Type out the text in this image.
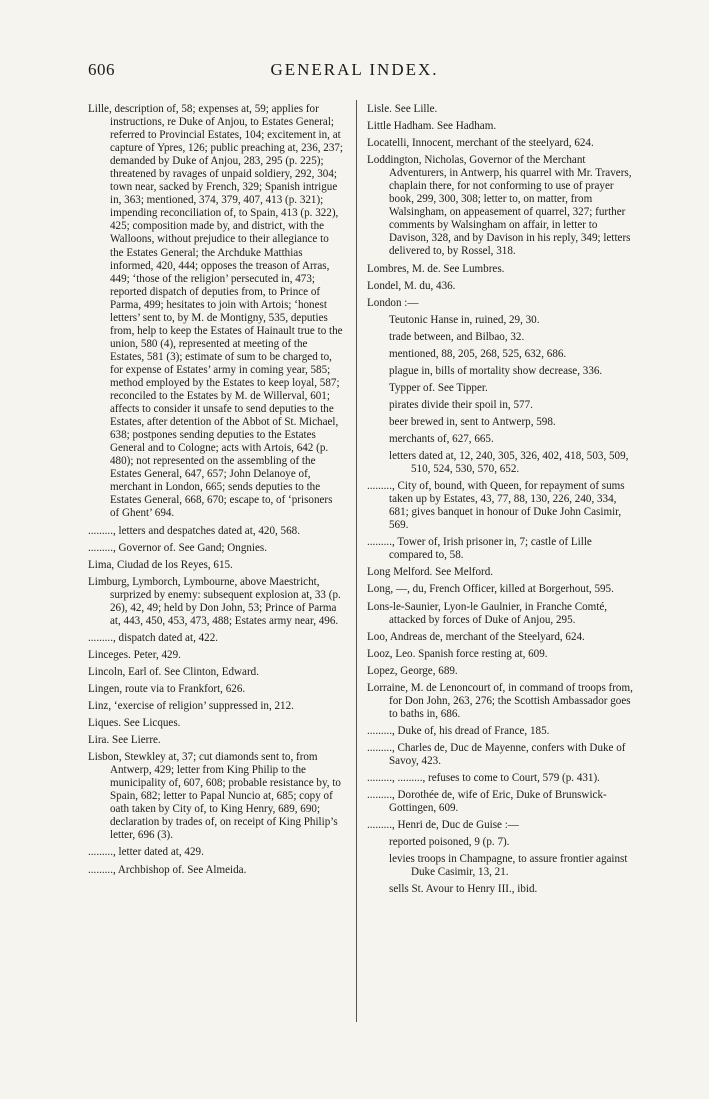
606	GENERAL INDEX.
Lille, description of, 58; expenses at, 59; applies for instructions, re Duke of Anjou, to Estates General; referred to Provincial Estates, 104; excitement in, at capture of Ypres, 126; public preaching at, 236, 237; demanded by Duke of Anjou, 283, 295 (p. 225); threatened by ravages of unpaid soldiery, 292, 304; town near, sacked by French, 329; Spanish intrigue in, 363; mentioned, 374, 379, 407, 413 (p. 321); impending reconciliation of, to Spain, 413 (p. 322), 425; composition made by, and district, with the Walloons, without prejudice to their allegiance to the Estates General; the Archduke Matthias informed, 420, 444; opposes the treason of Arras, 449; ‘those of the religion’ persecuted in, 473; reported dispatch of deputies from, to Prince of Parma, 499; hesitates to join with Artois; ‘honest letters’ sent to, by M. de Montigny, 535, deputies from, help to keep the Estates of Hainault true to the union, 580 (4), represented at meeting of the Estates, 581 (3); estimate of sum to be charged to, for expense of Estates’ army in coming year, 585; method employed by the Estates to keep loyal, 587; reconciled to the Estates by M. de Willerval, 601; affects to consider it unsafe to send deputies to the Estates, after detention of the Abbot of St. Michael, 638; postpones sending deputies to the Estates General and to Cologne; acts with Artois, 642 (p. 480); not represented on the assembling of the Estates General, 647, 657; John Delanoye of, merchant in London, 665; sends deputies to the Estates General, 668, 670; escape to, of ‘prisoners of Ghent’ 694.
........., letters and despatches dated at, 420, 568.
........., Governor of. See Gand; Ongnies.
Lima, Ciudad de los Reyes, 615.
Limburg, Lymborch, Lymbourne, above Maestricht, surprized by enemy: subsequent explosion at, 33 (p. 26), 42, 49; held by Don John, 53; Prince of Parma at, 443, 450, 453, 473, 488; Estates army near, 496.
........., dispatch dated at, 422.
Linceges. Peter, 429.
Lincoln, Earl of. See Clinton, Edward.
Lingen, route via to Frankfort, 626.
Linz, ‘exercise of religion’ suppressed in, 212.
Liques. See Licques.
Lira. See Lierre.
Lisbon, Stewkley at, 37; cut diamonds sent to, from Antwerp, 429; letter from King Philip to the municipality of, 607, 608; probable resistance by, to Spain, 682; letter to Papal Nuncio at, 685; copy of oath taken by City of, to King Henry, 689, 690; declaration by trades of, on receipt of King Philip’s letter, 696 (3).
........., letter dated at, 429.
........., Archbishop of. See Almeida.
Lisle. See Lille.
Little Hadham. See Hadham.
Locatelli, Innocent, merchant of the steelyard, 624.
Loddington, Nicholas, Governor of the Merchant Adventurers, in Antwerp, his quarrel with Mr. Travers, chaplain there, for not conforming to use of prayer book, 299, 300, 308; letter to, on matter, from Walsingham, on appeasement of quarrel, 327; further comments by Walsingham on affair, in letter to Davison, 328, and by Davison in his reply, 349; letters delivered to, by Rossel, 318.
Lombres, M. de. See Lumbres.
Londel, M. du, 436.
London :—
Teutonic Hanse in, ruined, 29, 30.
trade between, and Bilbao, 32.
mentioned, 88, 205, 268, 525, 632, 686.
plague in, bills of mortality show decrease, 336.
Typper of. See Tipper.
pirates divide their spoil in, 577.
beer brewed in, sent to Antwerp, 598.
merchants of, 627, 665.
letters dated at, 12, 240, 305, 326, 402, 418, 503, 509, 510, 524, 530, 570, 652.
........., City of, bound, with Queen, for repayment of sums taken up by Estates, 43, 77, 88, 130, 226, 240, 334, 681; gives banquet in honour of Duke John Casimir, 569.
........., Tower of, Irish prisoner in, 7; castle of Lille compared to, 58.
Long Melford. See Melford.
Long, —, du, French Officer, killed at Borgerhout, 595.
Lons-le-Saunier, Lyon-le Gaulnier, in Franche Comté, attacked by forces of Duke of Anjou, 295.
Loo, Andreas de, merchant of the Steelyard, 624.
Looz, Leo. Spanish force resting at, 609.
Lopez, George, 689.
Lorraine, M. de Lenoncourt of, in command of troops from, for Don John, 263, 276; the Scottish Ambassador goes to baths in, 686.
........., Duke of, his dread of France, 185.
........., Charles de, Duc de Mayenne, confers with Duke of Savoy, 423.
........., ........., refuses to come to Court, 579 (p. 431).
........., Dorothée de, wife of Eric, Duke of Brunswick-Gottingen, 609.
........., Henri de, Duc de Guise :—
reported poisoned, 9 (p. 7).
levies troops in Champagne, to assure frontier against Duke Casimir, 13, 21.
sells St. Avour to Henry III., ibid.
